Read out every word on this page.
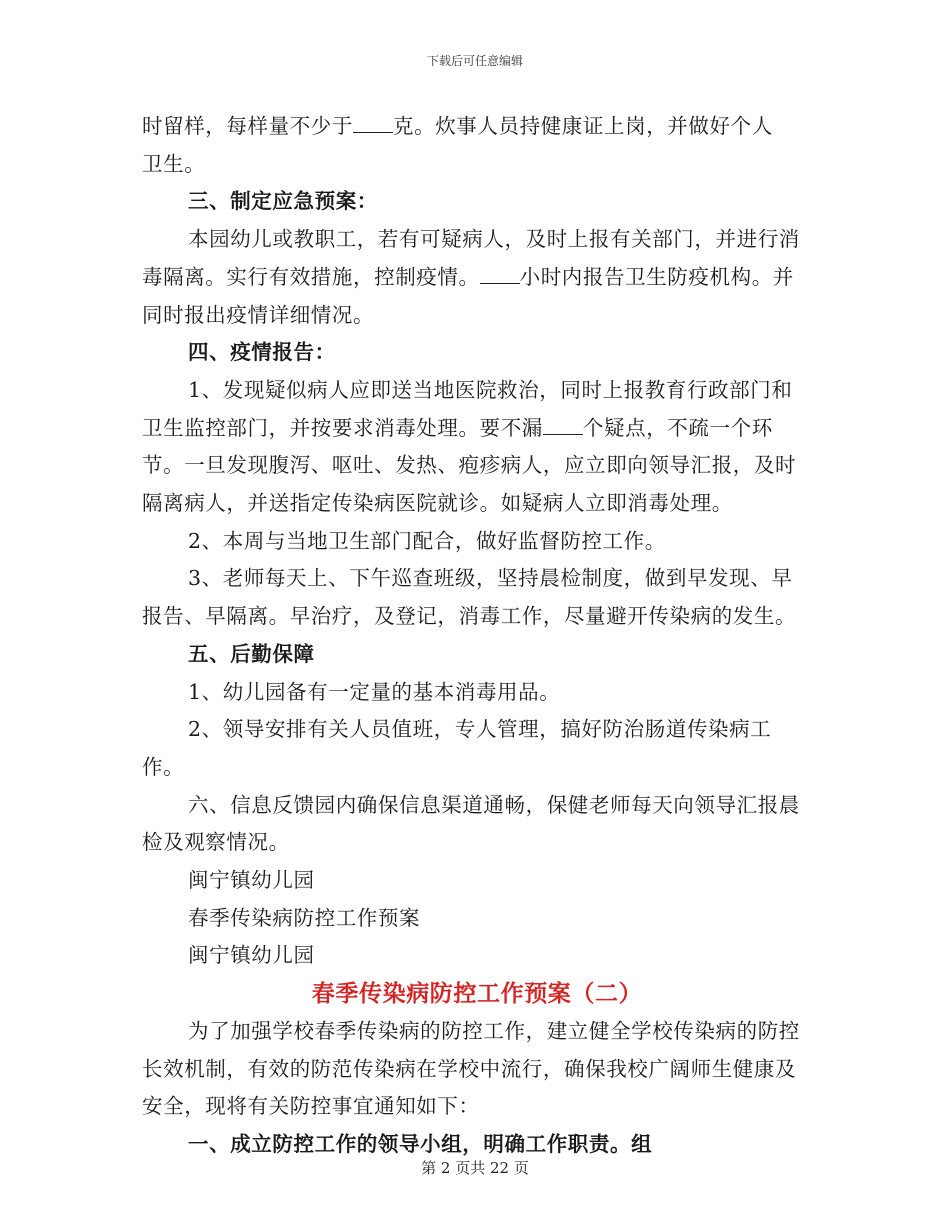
下载后可任意编辑

时留样，每样量不少于 克。炊事人员持健康证上岗，并做好个人
卫生。

三、制定应急预案：

本园幼儿或教职工，若有可疑病人，及时上报有关部门，并进行消毒隔离。实行有效措施，控制疫情。 小时内报告卫生防疫机构。并同时报出疫情详细情况。

四、疫情报告：

1、发现疑似病人应即送当地医院救治，同时上报教育行政部门和卫生监控部门，并按要求消毒处理。要不漏 个疑点，不疏一个环节。一旦发现腹泻、呕吐、发热、疱疹病人，应立即向领导汇报，及时隔离病人，并送指定传染病医院就诊。如疑病人立即消毒处理。

2、本周与当地卫生部门配合，做好监督防控工作。

3、老师每天上、下午巡查班级，坚持晨检制度，做到早发现、早报告、早隔离。早治疗，及登记，消毒工作，尽量避开传染病的发生。

五、后勤保障

1、幼儿园备有一定量的基本消毒用品。

2、领导安排有关人员值班，专人管理，搞好防治肠道传染病工作。

六、信息反馈园内确保信息渠道通畅，保健老师每天向领导汇报晨检及观察情况。

闽宁镇幼儿园

春季传染病防控工作预案

闽宁镇幼儿园

春季传染病防控工作预案（二）

为了加强学校春季传染病的防控工作，建立健全学校传染病的防控长效机制，有效的防范传染病在学校中流行，确保我校广阔师生健康及安全，现将有关防控事宜通知如下：

一、成立防控工作的领导小组，明确工作职责。组

第 2 页共 22 页
